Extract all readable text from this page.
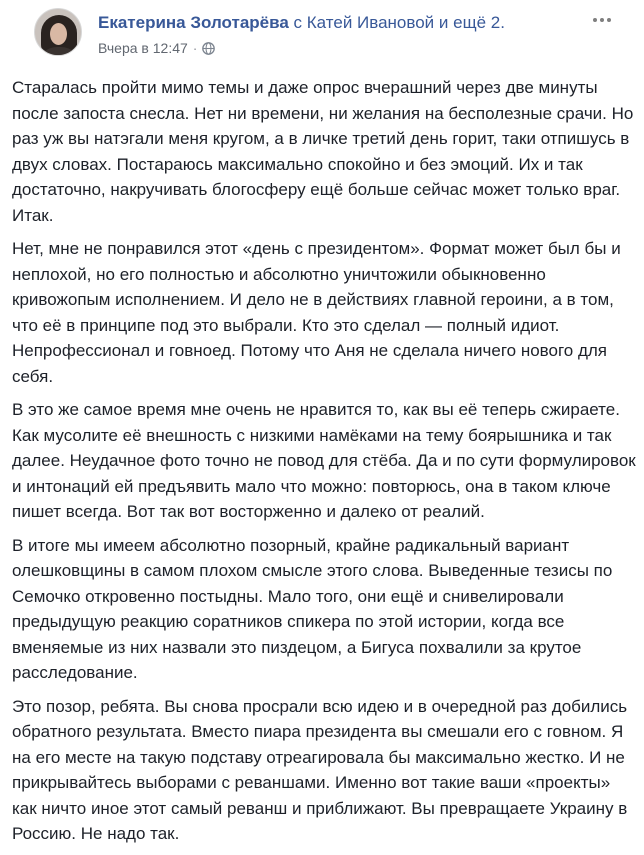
Екатерина Золотарёва с Катей Ивановой и ещё 2.
Вчера в 12:47 ·

Старалась пройти мимо темы и даже опрос вчерашний через две минуты после запоста снесла. Нет ни времени, ни желания на бесполезные срачи. Но раз уж вы натэгали меня кругом, а в личке третий день горит, таки отпишусь в двух словах. Постараюсь максимально спокойно и без эмоций. Их и так достаточно, накручивать блогосферу ещё больше сейчас может только враг. Итак.

Нет, мне не понравился этот «день с президентом». Формат может был бы и неплохой, но его полностью и абсолютно уничтожили обыкновенно кривожопым исполнением. И дело не в действиях главной героини, а в том, что её в принципе под это выбрали. Кто это сделал — полный идиот. Непрофессионал и говноед. Потому что Аня не сделала ничего нового для себя.

В это же самое время мне очень не нравится то, как вы её теперь сжираете. Как мусолите её внешность с низкими намёками на тему боярышника и так далее. Неудачное фото точно не повод для стёба. Да и по сути формулировок и интонаций ей предъявить мало что можно: повторюсь, она в таком ключе пишет всегда. Вот так вот восторженно и далеко от реалий.

В итоге мы имеем абсолютно позорный, крайне радикальный вариант олешковщины в самом плохом смысле этого слова. Выведенные тезисы по Семочко откровенно постыдны. Мало того, они ещё и снивелировали предыдущую реакцию соратников спикера по этой истории, когда все вменяемые из них назвали это пиздецом, а Бигуса похвалили за крутое расследование.

Это позор, ребята. Вы снова просрали всю идею и в очередной раз добились обратного результата. Вместо пиара президента вы смешали его с говном. Я на его месте на такую подставу отреагировала бы максимально жестко. И не прикрывайтесь выборами с реваншами. Именно вот такие ваши «проекты» как ничто иное этот самый реванш и приближают. Вы превращаете Украину в Россию. Не надо так.
